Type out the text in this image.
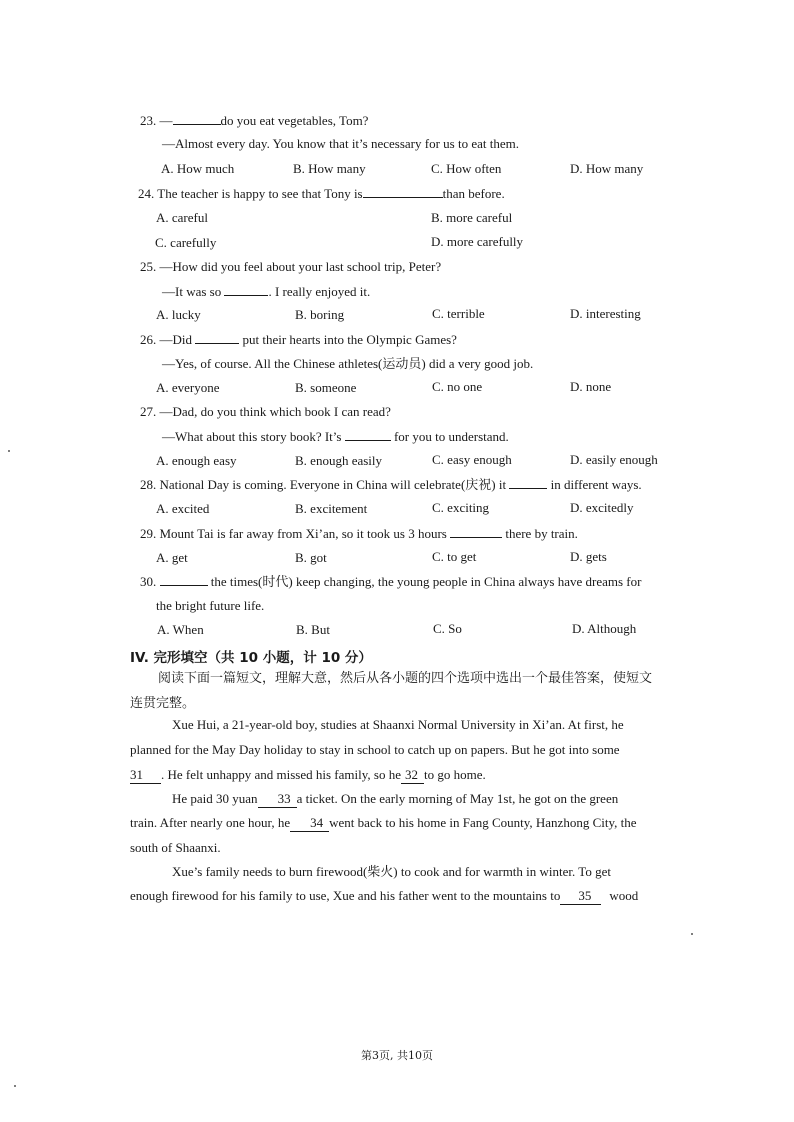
23. —	do you eat vegetables, Tom?
—Almost every day. You know that it’s necessary for us to eat them.
A. How much	B. How many	C. How often	D. How many
24. The teacher is happy to see that Tony is	than before.
A. careful	B. more careful
C. carefully	D. more carefully
25. —How did you feel about your last school trip, Peter?
—It was so	. I really enjoyed it.
A. lucky	B. boring	C. terrible	D. interesting
26. —Did	put their hearts into the Olympic Games?
—Yes, of course. All the Chinese athletes(运动员) did a very good job.
A. everyone	B. someone	C. no one	D. none
27. —Dad, do you think which book I can read?
—What about this story book? It’s	for you to understand.
A. enough easy	B. enough easily	C. easy enough	D. easily enough
28. National Day is coming. Everyone in China will celebrate(庆祝) it	in different ways.
A. excited	B. excitement	C. exciting	D. excitedly
29. Mount Tai is far away from Xi’an, so it took us 3 hours	there by train.
A. get	B. got	C. to get	D. gets
30.	the times(时代) keep changing, the young people in China always have dreams for
the bright future life.
A. When	B. But	C. So	D. Although
IV. 完形填空（共 10 小题，计 10 分）
阅读下面一篇短文，理解大意，然后从各小题的四个选项中选出一个最佳答案，使短文
连贯完整。
Xue Hui, a 21-year-old boy, studies at Shaanxi Normal University in Xi’an. At first, he
planned for the May Day holiday to stay in school to catch up on papers. But he got into some
31 . He felt unhappy and missed his family, so he 32 to go home.
He paid 30 yuan 33 a ticket. On the early morning of May 1st, he got on the green
train. After nearly one hour, he 34 went back to his home in Fang County, Hanzhong City, the
south of Shaanxi.
Xue’s family needs to burn firewood(柴火) to cook and for warmth in winter. To get
enough firewood for his family to use, Xue and his father went to the mountains to 35 wood
第3页, 共10页
